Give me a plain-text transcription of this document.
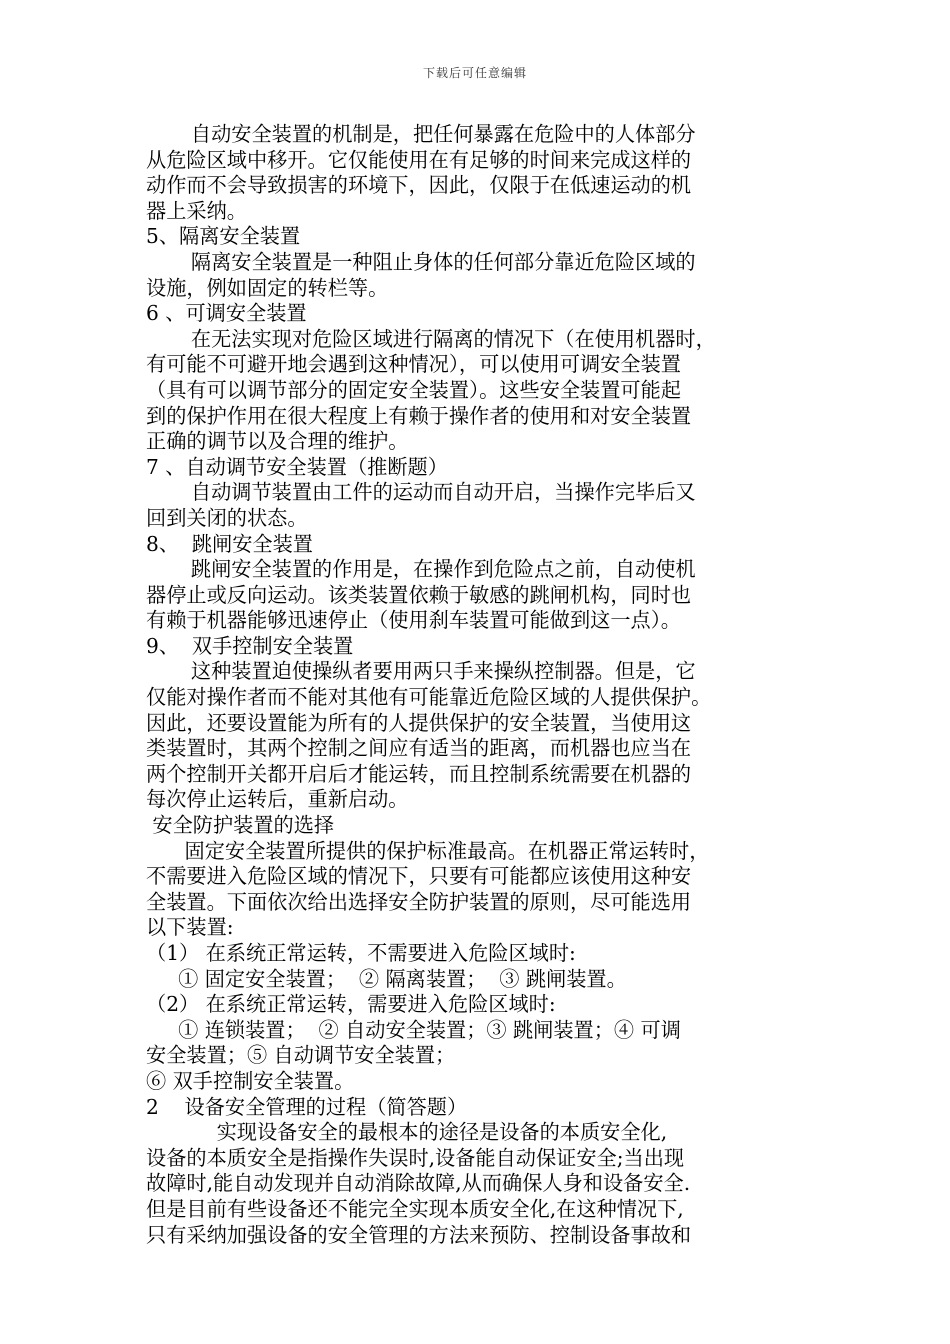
下载后可任意编辑
自动安全装置的机制是，把任何暴露在危险中的人体部分
从危险区域中移开。它仅能使用在有足够的时间来完成这样的
动作而不会导致损害的环境下，因此，仅限于在低速运动的机
器上采纳。
5、隔离安全装置
隔离安全装置是一种阻止身体的任何部分靠近危险区域的
设施，例如固定的转栏等。
6 、可调安全装置
在无法实现对危险区域进行隔离的情况下（在使用机器时，
有可能不可避开地会遇到这种情况），可以使用可调安全装置
（具有可以调节部分的固定安全装置）。这些安全装置可能起
到的保护作用在很大程度上有赖于操作者的使用和对安全装置
正确的调节以及合理的维护。
7 、自动调节安全装置（推断题）
自动调节装置由工件的运动而自动开启，当操作完毕后又
回到关闭的状态。
8、  跳闸安全装置
跳闸安全装置的作用是，在操作到危险点之前，自动使机
器停止或反向运动。该类装置依赖于敏感的跳闸机构，同时也
有赖于机器能够迅速停止（使用刹车装置可能做到这一点）。
9、  双手控制安全装置
这种装置迫使操纵者要用两只手来操纵控制器。但是，它
仅能对操作者而不能对其他有可能靠近危险区域的人提供保护。
因此，还要设置能为所有的人提供保护的安全装置，当使用这
类装置时，其两个控制之间应有适当的距离，而机器也应当在
两个控制开关都开启后才能运转，而且控制系统需要在机器的
每次停止运转后，重新启动。
安全防护装置的选择
固定安全装置所提供的保护标准最高。在机器正常运转时，
不需要进入危险区域的情况下，只要有可能都应该使用这种安
全装置。下面依次给出选择安全防护装置的原则，尽可能选用
以下装置:
（1） 在系统正常运转，不需要进入危险区域时:
① 固定安全装置；  ② 隔离装置；  ③ 跳闸装置。
（2） 在系统正常运转，需要进入危险区域时:
① 连锁装置；  ② 自动安全装置；③ 跳闸装置；④ 可调
安全装置；⑤ 自动调节安全装置；
⑥ 双手控制安全装置。
2    设备安全管理的过程（简答题）
实现设备安全的最根本的途径是设备的本质安全化,
设备的本质安全是指操作失误时,设备能自动保证安全;当出现
故障时,能自动发现并自动消除故障,从而确保人身和设备安全.
但是目前有些设备还不能完全实现本质安全化,在这种情况下,
只有采纳加强设备的安全管理的方法来预防、控制设备事故和
